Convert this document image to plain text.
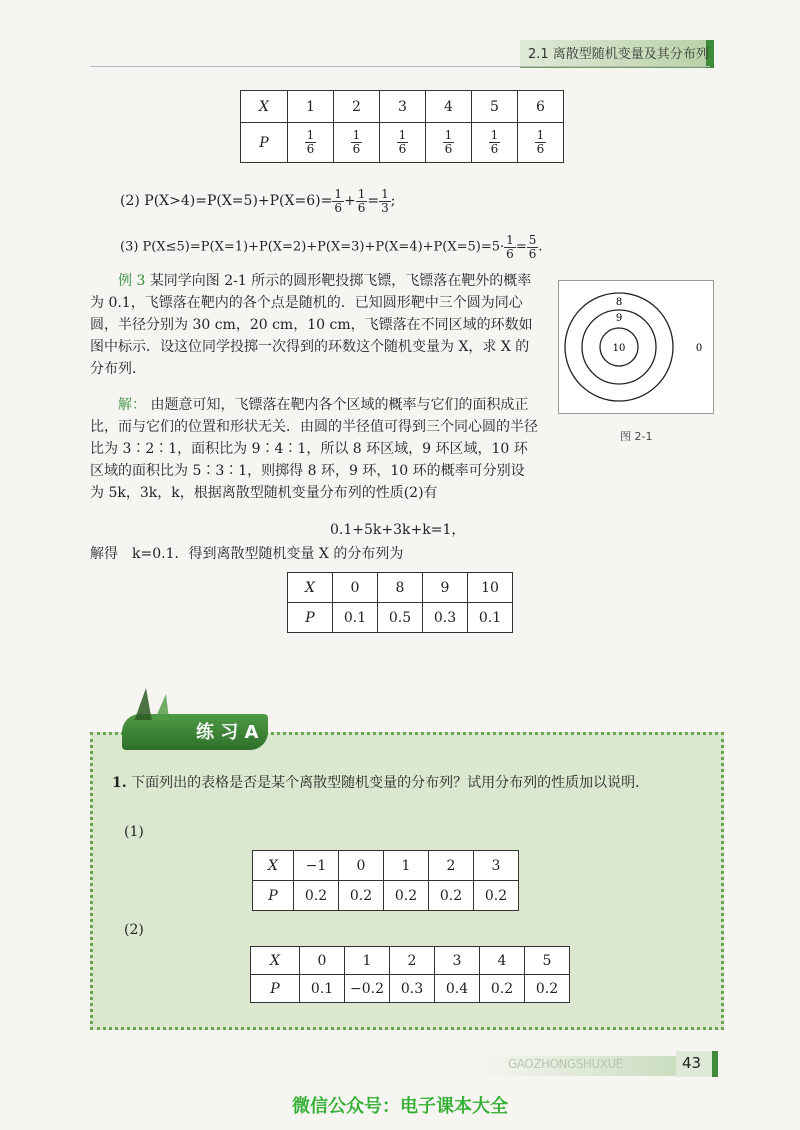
2.1 离散型随机变量及其分布列
X	1	2	3	4	5	6
P	$\frac{1}{6}$	$\frac{1}{6}$	$\frac{1}{6}$	$\frac{1}{6}$	$\frac{1}{6}$	$\frac{1}{6}$
(2) $P(X>4)=P(X=5)+P(X=6)= \frac{1}{6} + \frac{1}{6} = \frac{1}{3}$ ;
(3) $P(X\le 5)=P(X=1)+P(X=2)+P(X=3)+P(X=4)+P(X=5)=5\cdot \frac{1}{6} = \frac{5}{6}$ .
例 3 某同学向图 2-1 所示的圆形靶投掷飞镖，飞镖落在靶外的概率为 0.1，飞镖落在靶内的各个点是随机的．已知圆形靶中三个圆为同心圆，半径分别为 30 cm，20 cm，10 cm，飞镖落在不同区域的环数如图中标示．设这位同学投掷一次得到的环数这个随机变量为 X，求 X 的分布列．
8
9
10	0
图 2-1
解： 由题意可知，飞镖落在靶内各个区域的概率与它们的面积成正比，而与它们的位置和形状无关．由圆的半径值可得到三个同心圆的半径比为 3∶2∶1，面积比为 9∶4∶1，所以 8 环区域，9 环区域，10 环区域的面积比为 5∶3∶1，则掷得 8 环，9 环，10 环的概率可分别设为 5k，3k，k，根据离散型随机变量分布列的性质(2)有
0.1+5k+3k+k=1，
解得　k=0.1．得到离散型随机变量 X 的分布列为
X	0	8	9	10
P	0.1	0.5	0.3	0.1
练 习 A
1. 下面列出的表格是否是某个离散型随机变量的分布列？试用分布列的性质加以说明．
(1)
X	−1	0	1	2	3
P	0.2	0.2	0.2	0.2	0.2
(2)
X	0	1	2	3	4	5
P	0.1	−0.2	0.3	0.4	0.2	0.2
GAOZHONGSHUXUE	43
微信公众号：电子课本大全
